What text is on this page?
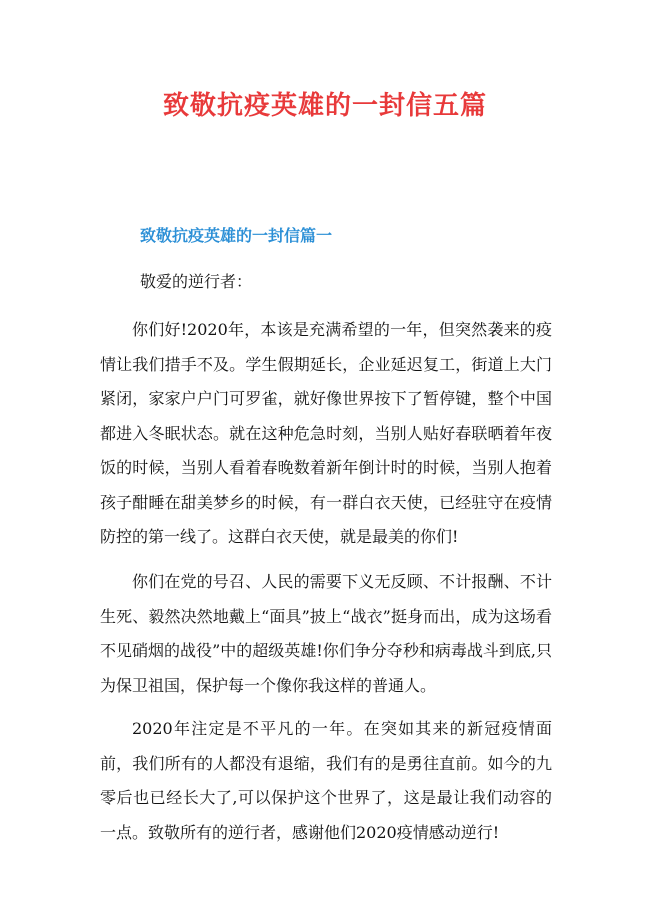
致敬抗疫英雄的一封信五篇
致敬抗疫英雄的一封信篇一

敬爱的逆行者：

你们好!2020年，本该是充满希望的一年，但突然袭来的疫情让我们措手不及。学生假期延长，企业延迟复工，街道上大门紧闭，家家户户门可罗雀，就好像世界按下了暂停键，整个中国都进入冬眠状态。就在这种危急时刻，当别人贴好春联晒着年夜饭的时候，当别人看着春晚数着新年倒计时的时候，当别人抱着孩子酣睡在甜美梦乡的时候，有一群白衣天使，已经驻守在疫情防控的第一线了。这群白衣天使，就是最美的你们!

你们在党的号召、人民的需要下义无反顾、不计报酬、不计生死、毅然决然地戴上“面具”披上“战衣”挺身而出，成为这场看不见硝烟的战役”中的超级英雄!你们争分夺秒和病毒战斗到底,只为保卫祖国，保护每一个像你我这样的普通人。

2020年注定是不平凡的一年。在突如其来的新冠疫情面前，我们所有的人都没有退缩，我们有的是勇往直前。如今的九零后也已经长大了,可以保护这个世界了，这是最让我们动容的一点。致敬所有的逆行者，感谢他们2020疫情感动逆行!
